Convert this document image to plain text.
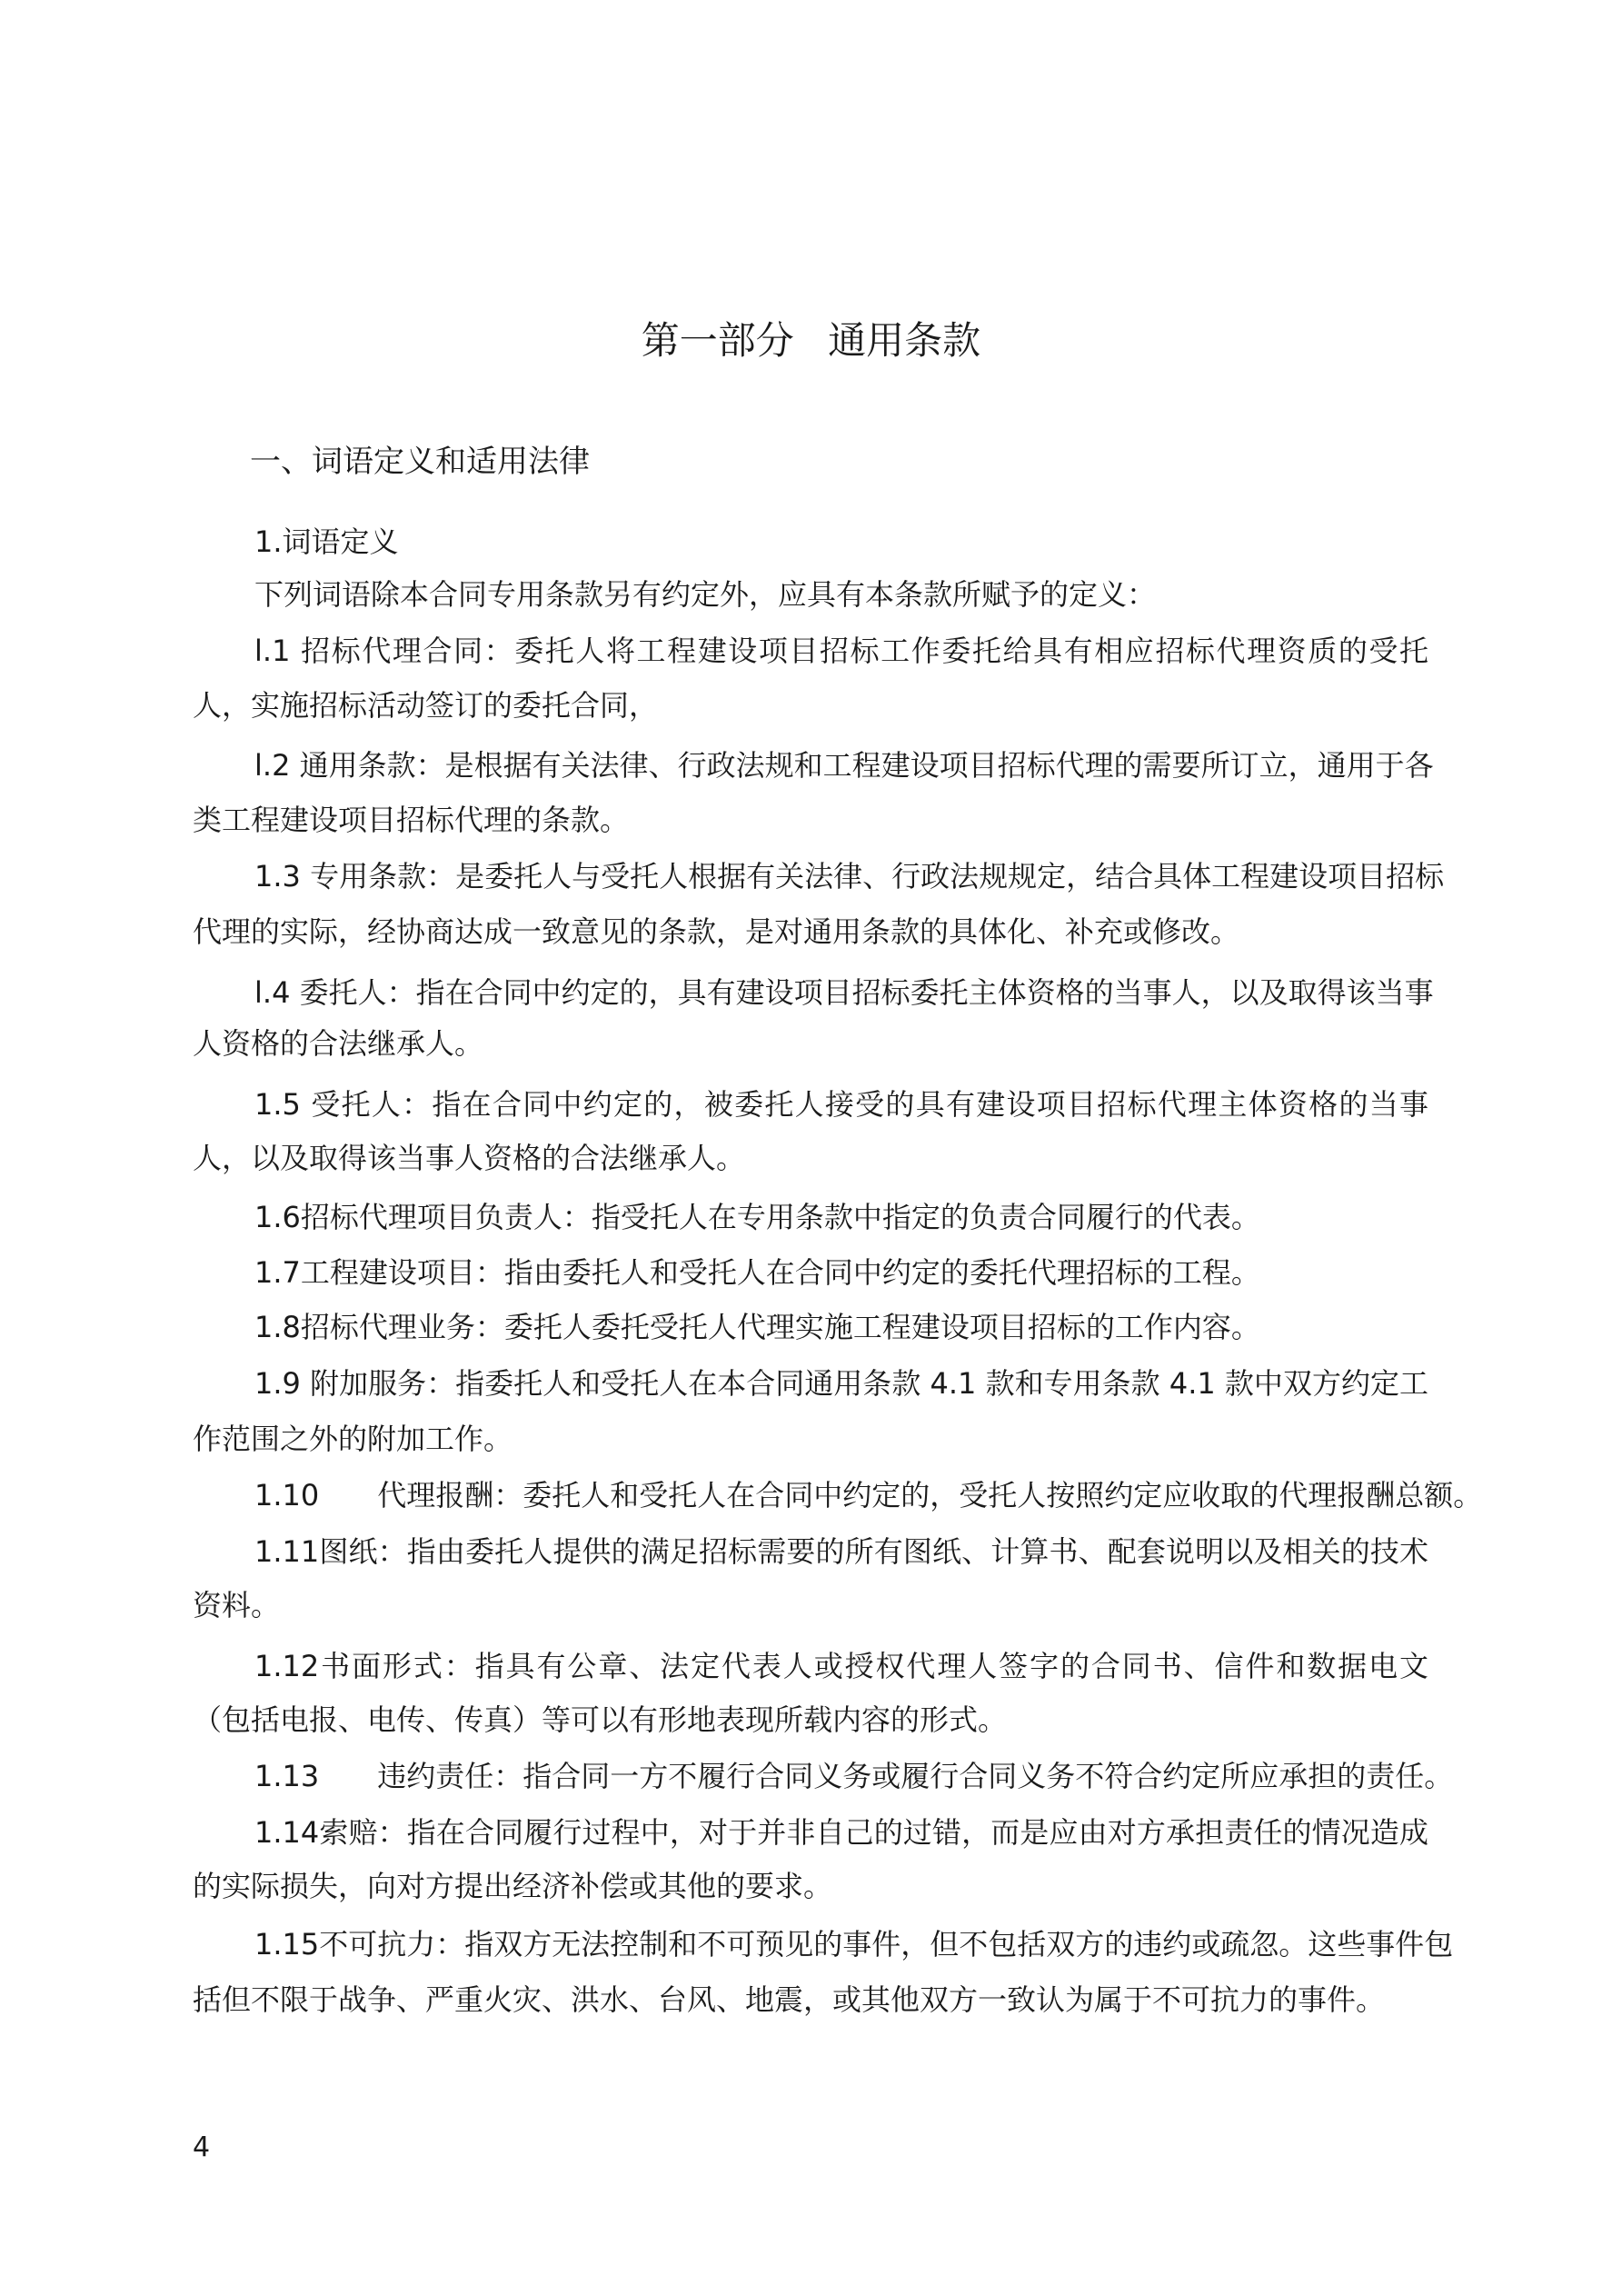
第一部分 通用条款
一、词语定义和适用法律
1.词语定义
下列词语除本合同专用条款另有约定外，应具有本条款所赋予的定义：
l.1 招标代理合同：委托人将工程建设项目招标工作委托给具有相应招标代理资质的受托
人，实施招标活动签订的委托合同，
l.2 通用条款：是根据有关法律、行政法规和工程建设项目招标代理的需要所订立，通用于各
类工程建设项目招标代理的条款。
1.3 专用条款：是委托人与受托人根据有关法律、行政法规规定，结合具体工程建设项目招标
代理的实际，经协商达成一致意见的条款，是对通用条款的具体化、补充或修改。
l.4 委托人：指在合同中约定的，具有建设项目招标委托主体资格的当事人，以及取得该当事
人资格的合法继承人。
1.5 受托人：指在合同中约定的，被委托人接受的具有建设项目招标代理主体资格的当事
人，以及取得该当事人资格的合法继承人。
1.6招标代理项目负责人：指受托人在专用条款中指定的负责合同履行的代表。
1.7工程建设项目：指由委托人和受托人在合同中约定的委托代理招标的工程。
1.8招标代理业务：委托人委托受托人代理实施工程建设项目招标的工作内容。
1.9 附加服务：指委托人和受托人在本合同通用条款 4.1 款和专用条款 4.1 款中双方约定工
作范围之外的附加工作。
1.10　　代理报酬：委托人和受托人在合同中约定的，受托人按照约定应收取的代理报酬总额。
1.11图纸：指由委托人提供的满足招标需要的所有图纸、计算书、配套说明以及相关的技术
资料。
1.12书面形式：指具有公章、法定代表人或授权代理人签字的合同书、信件和数据电文
（包括电报、电传、传真）等可以有形地表现所载内容的形式。
1.13　　违约责任：指合同一方不履行合同义务或履行合同义务不符合约定所应承担的责任。
1.14索赔：指在合同履行过程中，对于并非自己的过错，而是应由对方承担责任的情况造成
的实际损失，向对方提出经济补偿或其他的要求。
1.15不可抗力：指双方无法控制和不可预见的事件，但不包括双方的违约或疏忽。这些事件包
括但不限于战争、严重火灾、洪水、台风、地震，或其他双方一致认为属于不可抗力的事件。
4
